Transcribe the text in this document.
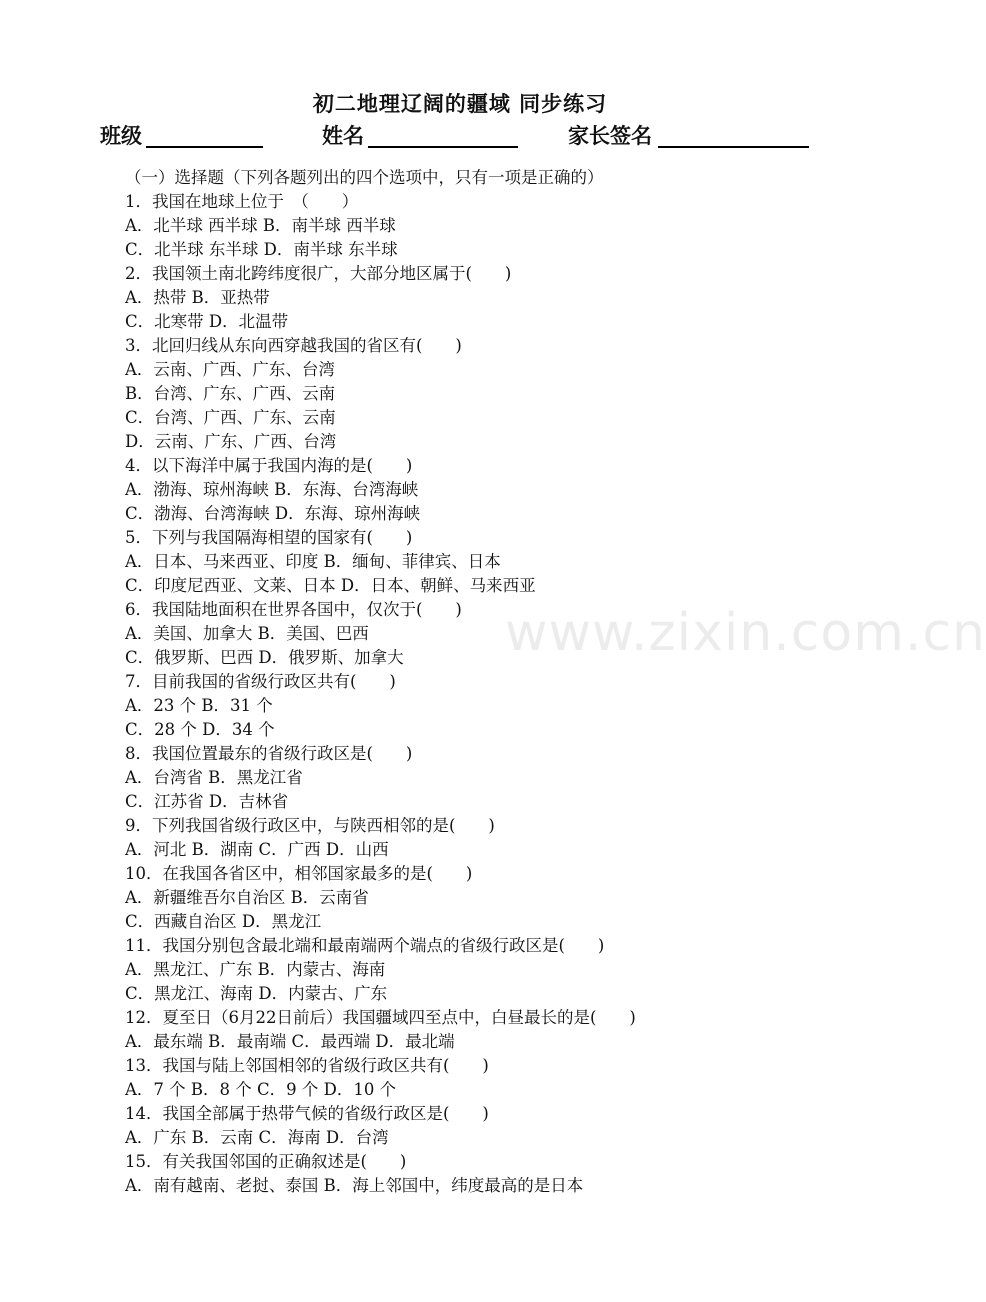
初二地理辽阔的疆域 同步练习
班级	姓名	家长签名
（一）选择题（下列各题列出的四个选项中，只有一项是正确的）
1．我国在地球上位于　（　　）
A．北半球 西半球 B．南半球 西半球
C．北半球 东半球 D．南半球 东半球
2．我国领土南北跨纬度很广，大部分地区属于(　　)
A．热带 B．亚热带
C．北寒带 D．北温带
3．北回归线从东向西穿越我国的省区有(　　)
A．云南、广西、广东、台湾
B．台湾、广东、广西、云南
C．台湾、广西、广东、云南
D．云南、广东、广西、台湾
4．以下海洋中属于我国内海的是(　　)
A．渤海、琼州海峡 B．东海、台湾海峡
C．渤海、台湾海峡 D．东海、琼州海峡
5．下列与我国隔海相望的国家有(　　)
A．日本、马来西亚、印度 B．缅甸、菲律宾、日本
C．印度尼西亚、文莱、日本 D．日本、朝鲜、马来西亚
6．我国陆地面积在世界各国中，仅次于(　　)
A．美国、加拿大 B．美国、巴西
C．俄罗斯、巴西 D．俄罗斯、加拿大
7．目前我国的省级行政区共有(　　)
A．23 个 B．31 个
C．28 个 D．34 个
8．我国位置最东的省级行政区是(　　)
A．台湾省 B．黑龙江省
C．江苏省 D．吉林省
9．下列我国省级行政区中，与陕西相邻的是(　　)
A．河北 B．湖南 C．广西 D．山西
10．在我国各省区中，相邻国家最多的是(　　)
A．新疆维吾尔自治区 B．云南省
C．西藏自治区 D．黑龙江
11．我国分别包含最北端和最南端两个端点的省级行政区是(　　)
A．黑龙江、广东 B．内蒙古、海南
C．黑龙江、海南 D．内蒙古、广东
12．夏至日（6月22日前后）我国疆域四至点中，白昼最长的是(　　)
A．最东端 B．最南端 C．最西端 D．最北端
13．我国与陆上邻国相邻的省级行政区共有(　　)
A．7 个 B．8 个 C．9 个 D．10 个
14．我国全部属于热带气候的省级行政区是(　　)
A．广东 B．云南 C．海南 D．台湾
15．有关我国邻国的正确叙述是(　　)
A．南有越南、老挝、泰国 B．海上邻国中，纬度最高的是日本
www.zixin.com.cn
